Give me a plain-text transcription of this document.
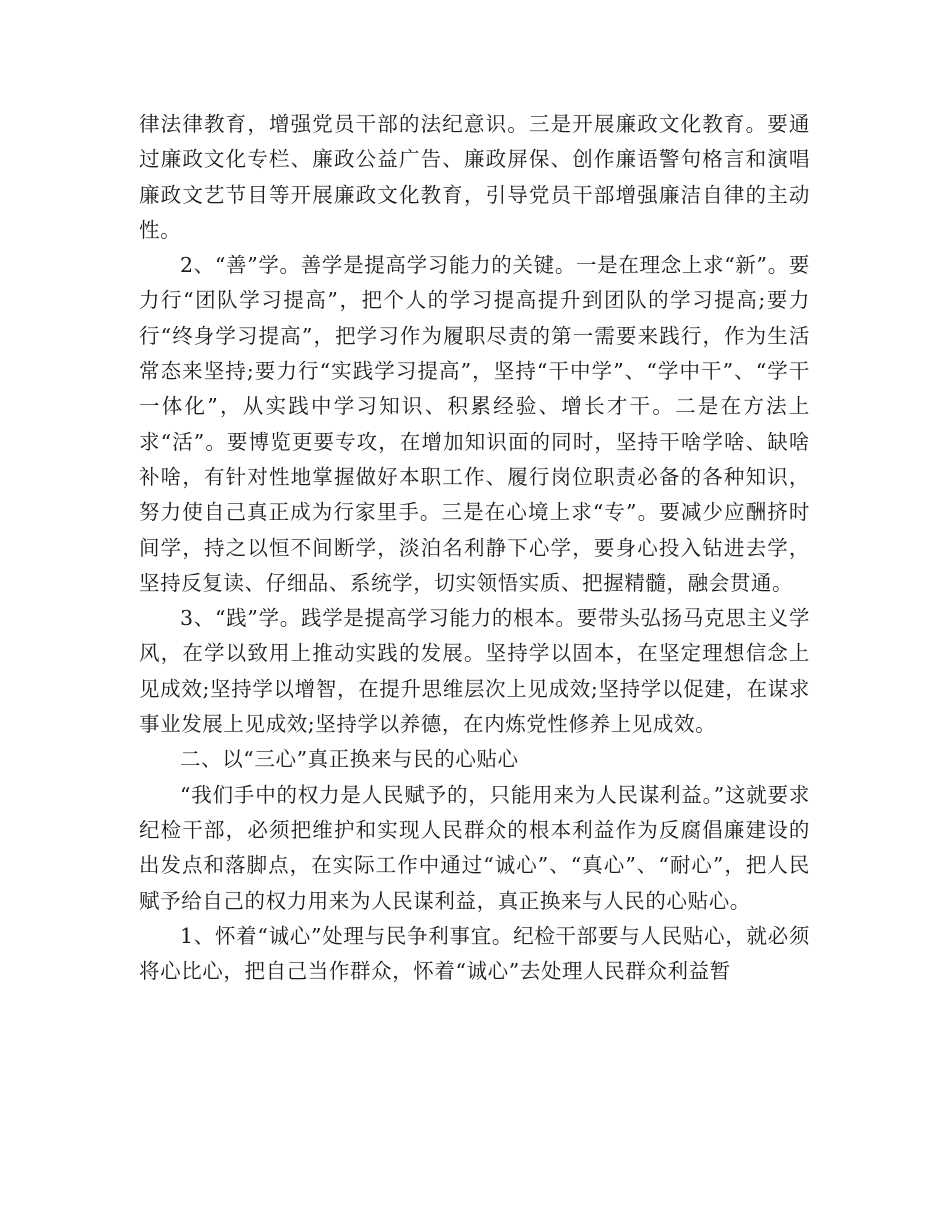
律法律教育，增强党员干部的法纪意识。三是开展廉政文化教育。要通过廉政文化专栏、廉政公益广告、廉政屏保、创作廉语警句格言和演唱廉政文艺节目等开展廉政文化教育，引导党员干部增强廉洁自律的主动性。

2、“善”学。善学是提高学习能力的关键。一是在理念上求“新”。要力行“团队学习提高”，把个人的学习提高提升到团队的学习提高;要力行“终身学习提高”，把学习作为履职尽责的第一需要来践行，作为生活常态来坚持;要力行“实践学习提高”，坚持“干中学”、“学中干”、“学干一体化”，从实践中学习知识、积累经验、增长才干。二是在方法上求“活”。要博览更要专攻，在增加知识面的同时，坚持干啥学啥、缺啥补啥，有针对性地掌握做好本职工作、履行岗位职责必备的各种知识，努力使自己真正成为行家里手。三是在心境上求“专”。要减少应酬挤时间学，持之以恒不间断学，淡泊名利静下心学，要身心投入钻进去学，坚持反复读、仔细品、系统学，切实领悟实质、把握精髓，融会贯通。

3、“践”学。践学是提高学习能力的根本。要带头弘扬马克思主义学风，在学以致用上推动实践的发展。坚持学以固本，在坚定理想信念上见成效;坚持学以增智，在提升思维层次上见成效;坚持学以促建，在谋求事业发展上见成效;坚持学以养德，在内炼党性修养上见成效。

二、以“三心”真正换来与民的心贴心

“我们手中的权力是人民赋予的，只能用来为人民谋利益。”这就要求纪检干部，必须把维护和实现人民群众的根本利益作为反腐倡廉建设的出发点和落脚点，在实际工作中通过“诚心”、“真心”、“耐心”，把人民赋予给自己的权力用来为人民谋利益，真正换来与人民的心贴心。

1、怀着“诚心”处理与民争利事宜。纪检干部要与人民贴心，就必须将心比心，把自己当作群众，怀着“诚心”去处理人民群众利益暂
